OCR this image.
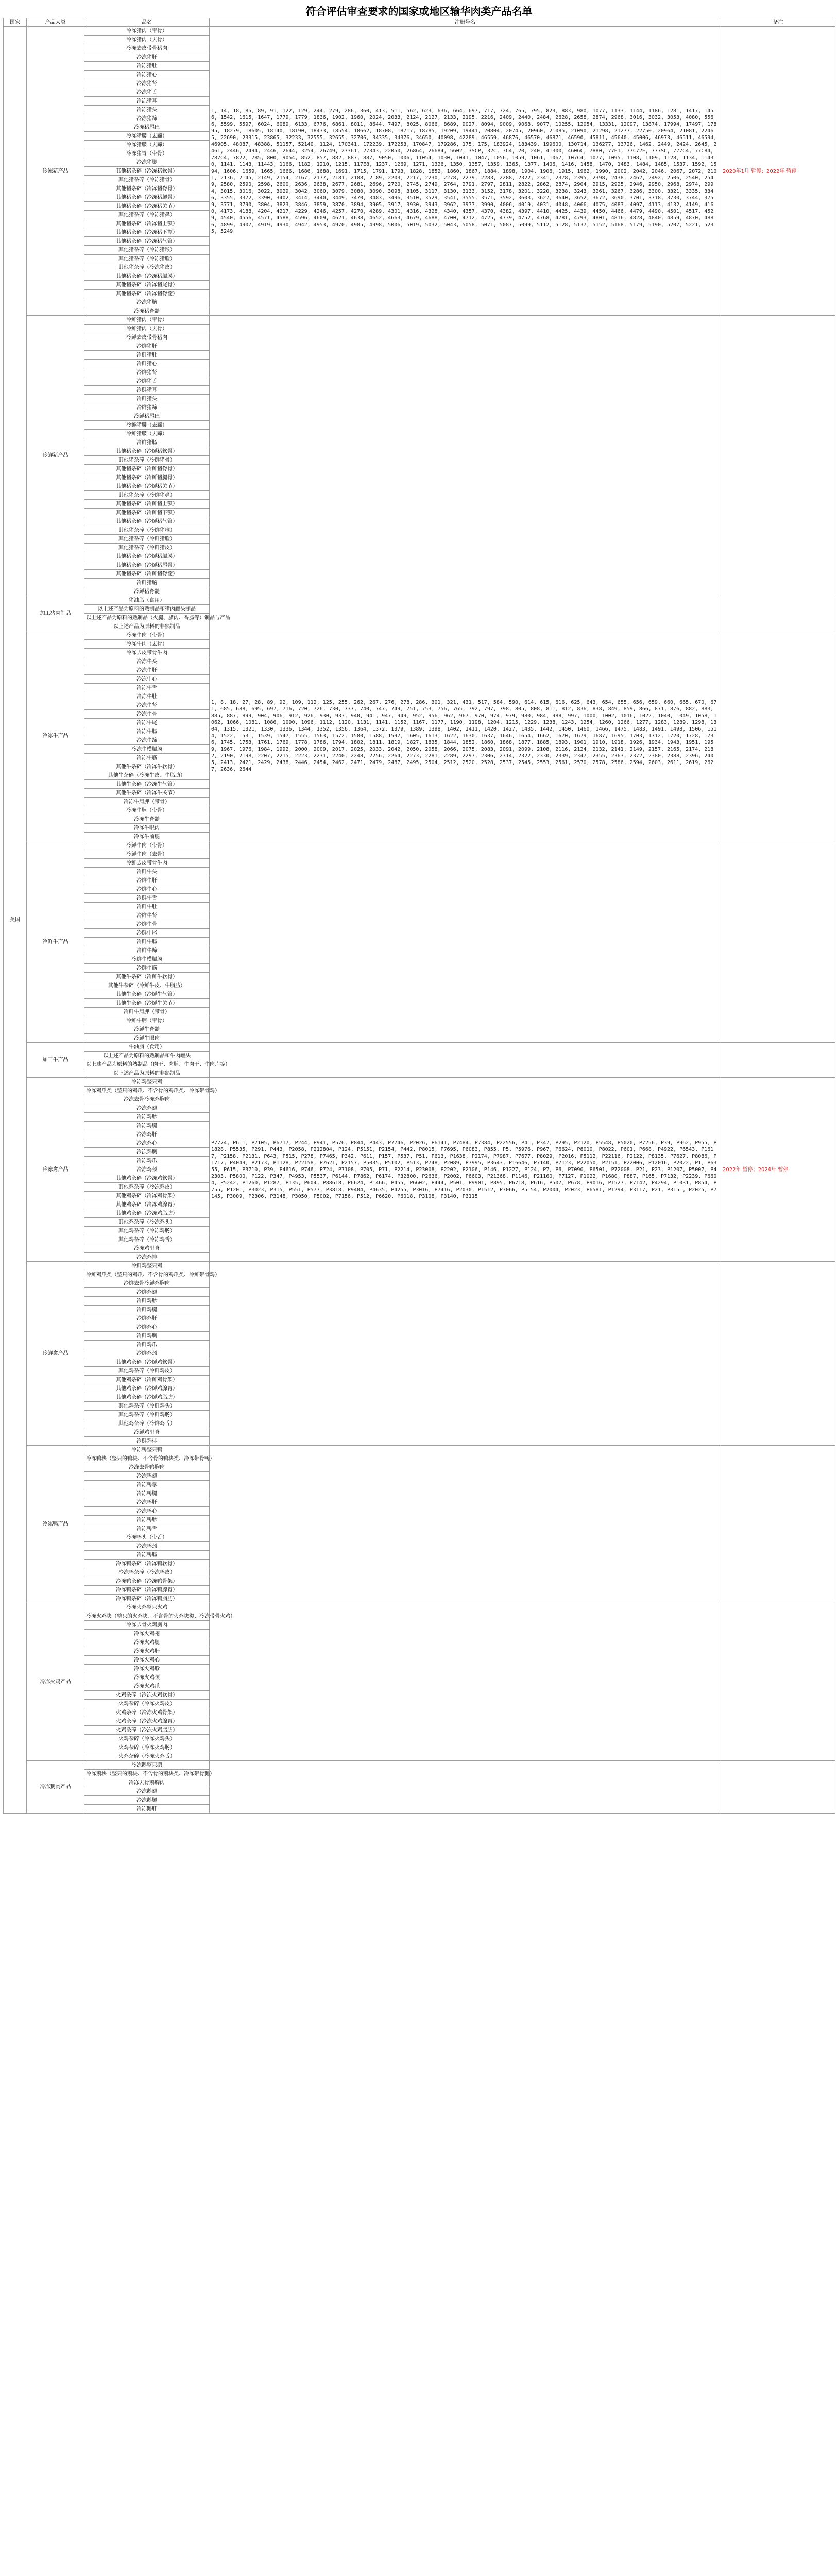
符合评估审查要求的国家或地区输华肉类产品名单
国家	产品大类	品名	注册号名	备注
美国	冷冻猪产品	冷冻猪肉（带骨）	1, 14, 18, 85, 89, 91, 122, 129, 244, 279, 286, 360, 413, 511, 562, 623, 636, 664, 697, 717, 724, 765, 795, 823, 883, 980, 1077, 1133, 1144, 1186, 1281, 1417, 1456, 1542, 1615, 1647, 1779, 1779, 1836, 1902, 1960, 2024, 2033, 2124, 2127, 2133, 2195, 2216, 2409, 2440, 2484, 2628, 2658, 2874, 2968, 3016, 3032, 3053, 4080, 5566, 5599, 5597, 6024, 6089, 6133, 6776, 6861, 8011, 8644, 7497, 8025, 8066, 8689, 9027, 8094, 9009, 9068, 9077, 10255, 12054, 13331, 12097, 13874, 17994, 17497, 17895, 18279, 18605, 18140, 18190, 18433, 18554, 18662, 18708, 18717, 18785, 19209, 19441, 20804, 20745, 20960, 21085, 21090, 21298, 21277, 22750, 20964, 21081, 22465, 22690, 23315, 23865, 32233, 32555, 32655, 32706, 34335, 34376, 34650, 40098, 42289, 46559, 46876, 46570, 46871, 46590, 45811, 45640, 45006, 46973, 46511, 46594, 46905, 48087, 48388, 51157, 52140, 1124, 170341, 172239, 172253, 170847, 179286, 175, 175, 183924, 183439, 199600, 130714, 136277, 13726, 1462, 2449, 2424, 2645, 2461, 2446, 2494, 2446, 2644, 3254, 26749, 27361, 27343, 22050, 26864, 26684, 5602, 3SCP, 32C, 3C4, 20, 240, 41300, 4606C, 7880, 77E1, 77C72E, 777SC, 777C4, 77C84, 787C4, 7822, 785, 800, 9054, 852, 857, 882, 887, 887, 9050, 1006, 11054, 1030, 1041, 1047, 1056, 1059, 1061, 1067, 107C4, 1077, 1095, 1108, 1109, 1128, 1134, 11430, 1141, 1143, 11443, 1166, 1182, 1210, 1215, 117E8, 1237, 1269, 1271, 1326, 1350, 1357, 1359, 1365, 1377, 1406, 1416, 1458, 1470, 1483, 1484, 1485, 1537, 1592, 1594, 1606, 1659, 1665, 1666, 1686, 1688, 1691, 1715, 1791, 1793, 1828, 1852, 1860, 1867, 1884, 1898, 1904, 1906, 1915, 1962, 1990, 2002, 2042, 2046, 2067, 2072, 2101, 2136, 2145, 2149, 2154, 2167, 2177, 2181, 2188, 2189, 2203, 2217, 2230, 2278, 2279, 2283, 2288, 2322, 2341, 2378, 2395, 2398, 2438, 2462, 2492, 2506, 2540, 2549, 2580, 2590, 2598, 2600, 2636, 2638, 2677, 2681, 2696, 2720, 2745, 2749, 2764, 2791, 2797, 2811, 2822, 2862, 2874, 2904, 2915, 2925, 2946, 2950, 2968, 2974, 2994, 3015, 3016, 3022, 3029, 3042, 3060, 3079, 3080, 3090, 3098, 3105, 3117, 3130, 3133, 3152, 3178, 3201, 3220, 3238, 3243, 3261, 3267, 3286, 3300, 3321, 3335, 3346, 3355, 3372, 3390, 3402, 3414, 3440, 3449, 3470, 3483, 3496, 3510, 3529, 3541, 3555, 3571, 3592, 3603, 3627, 3640, 3652, 3672, 3690, 3701, 3718, 3730, 3744, 3759, 3771, 3790, 3804, 3823, 3846, 3859, 3870, 3894, 3905, 3917, 3930, 3943, 3962, 3977, 3990, 4006, 4019, 4031, 4048, 4066, 4075, 4083, 4097, 4113, 4132, 4149, 4160, 4173, 4188, 4204, 4217, 4229, 4246, 4257, 4270, 4289, 4301, 4316, 4328, 4340, 4357, 4370, 4382, 4397, 4410, 4425, 4439, 4450, 4466, 4479, 4490, 4501, 4517, 4529, 4540, 4556, 4571, 4588, 4596, 4609, 4621, 4638, 4652, 4663, 4679, 4688, 4700, 4712, 4725, 4739, 4752, 4768, 4781, 4793, 4801, 4816, 4828, 4840, 4859, 4870, 4886, 4899, 4907, 4919, 4930, 4942, 4953, 4970, 4985, 4998, 5006, 5019, 5032, 5043, 5058, 5071, 5087, 5099, 5112, 5128, 5137, 5152, 5168, 5179, 5190, 5207, 5221, 5235, 5249	2020年1月 暂停；2022年 暂停
		冷冻猪肉（去骨）		
		冷冻去皮带骨猪肉		
		冷冻猪肝		
		冷冻猪肚		
		冷冻猪心		
		冷冻猪肾		
		冷冻猪舌		
		冷冻猪耳		
		冷冻猪头		
		冷冻猪蹄		
		冷冻猪尾巴		
		冷冻猪腰（去蹄）		
		冷冻猪腰（去蹄）		
		冷冻猪胃（带骨）		
		冷冻猪脚		
		其他猪杂碎（冷冻猪软骨）		
		其他猪杂碎（冷冻猪骨）		
		其他猪杂碎（冷冻猪脊骨）		
		其他猪杂碎（冷冻猪腿骨）		
		其他猪杂碎（冷冻猪关节）		
		其他猪杂碎（冷冻猪鼻）		
		其他猪杂碎（冷冻猪上颚）		
		其他猪杂碎（冷冻猪下颚）		
		其他猪杂碎（冷冻猪气管）		
		其他猪杂碎（冷冻猪喉）		
		其他猪杂碎（冷冻猪脸）		
		其他猪杂碎（冷冻猪皮）		
		其他猪杂碎（冷冻猪膈膜）		
		其他猪杂碎（冷冻猪尾骨）		
		其他猪杂碎（冷冻猪脊髓）		
		冷冻猪脑		
		冷冻猪脊髓		
	冷鲜猪产品	冷鲜猪肉（带骨）		
		冷鲜猪肉（去骨）		
		冷鲜去皮带骨猪肉		
		冷鲜猪肝		
		冷鲜猪肚		
		冷鲜猪心		
		冷鲜猪肾		
		冷鲜猪舌		
		冷鲜猪耳		
		冷鲜猪头		
		冷鲜猪蹄		
		冷鲜猪尾巴		
		冷鲜猪腰（去蹄）		
		冷鲜猪腰（去蹄）		
		冷鲜猪肠		
		其他猪杂碎（冷鲜猪软骨）		
		其他猪杂碎（冷鲜猪骨）		
		其他猪杂碎（冷鲜猪脊骨）		
		其他猪杂碎（冷鲜猪腿骨）		
		其他猪杂碎（冷鲜猪关节）		
		其他猪杂碎（冷鲜猪鼻）		
		其他猪杂碎（冷鲜猪上颚）		
		其他猪杂碎（冷鲜猪下颚）		
		其他猪杂碎（冷鲜猪气管）		
		其他猪杂碎（冷鲜猪喉）		
		其他猪杂碎（冷鲜猪脸）		
		其他猪杂碎（冷鲜猪皮）		
		其他猪杂碎（冷鲜猪膈膜）		
		其他猪杂碎（冷鲜猪尾骨）		
		其他猪杂碎（冷鲜猪脊髓）		
		冷鲜猪脑		
		冷鲜猪脊髓		
	加工猪肉制品	猪油脂（食用）		
		以上述产品为原料的熟制品和猪肉罐头制品		
		以上述产品为原料的熟制品（火腿、腊肉、香肠等）制品与产品		
		以上述产品为原料的非熟制品		
	冷冻牛产品	冷冻牛肉（带骨）	1, 8, 18, 27, 28, 89, 92, 109, 112, 125, 255, 262, 267, 276, 278, 286, 301, 321, 431, 517, 584, 590, 614, 615, 616, 625, 643, 654, 655, 656, 659, 660, 665, 670, 671, 685, 688, 695, 697, 716, 720, 726, 730, 737, 740, 747, 749, 751, 753, 756, 765, 792, 797, 798, 805, 808, 811, 812, 836, 838, 849, 859, 866, 871, 876, 882, 883, 885, 887, 899, 904, 906, 912, 926, 930, 933, 940, 941, 947, 949, 952, 956, 962, 967, 970, 974, 979, 980, 984, 988, 997, 1000, 1002, 1016, 1022, 1040, 1049, 1058, 1062, 1066, 1081, 1086, 1090, 1096, 1112, 1120, 1131, 1141, 1152, 1167, 1177, 1190, 1198, 1204, 1215, 1229, 1238, 1243, 1254, 1260, 1266, 1277, 1283, 1289, 1298, 1304, 1315, 1321, 1330, 1336, 1344, 1352, 1356, 1364, 1372, 1379, 1389, 1398, 1402, 1411, 1420, 1427, 1435, 1442, 1450, 1460, 1466, 1475, 1483, 1491, 1498, 1506, 1514, 1522, 1531, 1539, 1547, 1555, 1563, 1572, 1580, 1588, 1597, 1605, 1613, 1622, 1630, 1637, 1646, 1654, 1662, 1670, 1679, 1687, 1695, 1703, 1712, 1720, 1728, 1736, 1745, 1753, 1761, 1769, 1778, 1786, 1794, 1802, 1811, 1819, 1827, 1835, 1844, 1852, 1860, 1868, 1877, 1885, 1893, 1901, 1910, 1918, 1926, 1934, 1943, 1951, 1959, 1967, 1976, 1984, 1992, 2000, 2009, 2017, 2025, 2033, 2042, 2050, 2058, 2066, 2075, 2083, 2091, 2099, 2108, 2116, 2124, 2132, 2141, 2149, 2157, 2165, 2174, 2182, 2190, 2198, 2207, 2215, 2223, 2231, 2240, 2248, 2256, 2264, 2273, 2281, 2289, 2297, 2306, 2314, 2322, 2330, 2339, 2347, 2355, 2363, 2372, 2380, 2388, 2396, 2405, 2413, 2421, 2429, 2438, 2446, 2454, 2462, 2471, 2479, 2487, 2495, 2504, 2512, 2520, 2528, 2537, 2545, 2553, 2561, 2570, 2578, 2586, 2594, 2603, 2611, 2619, 2627, 2636, 2644	
		冷冻牛肉（去骨）		
		冷冻去皮带骨牛肉		
		冷冻牛头		
		冷冻牛肝		
		冷冻牛心		
		冷冻牛舌		
		冷冻牛肚		
		冷冻牛肾		
		冷冻牛骨		
		冷冻牛尾		
		冷冻牛肠		
		冷冻牛蹄		
		冷冻牛横膈膜		
		冷冻牛筋		
		其他牛杂碎（冷冻牛软骨）		
		其他牛杂碎（冷冻牛皮、牛脂肪）		
		其他牛杂碎（冷冻牛气管）		
		其他牛杂碎（冷冻牛关节）		
		冷冻牛肩胛（带骨）		
		冷冻牛腩（带骨）		
		冷冻牛脊髓		
		冷冻牛眼肉		
		冷冻牛前腿		
	冷鲜牛产品	冷鲜牛肉（带骨）		
		冷鲜牛肉（去骨）		
		冷鲜去皮带骨牛肉		
		冷鲜牛头		
		冷鲜牛肝		
		冷鲜牛心		
		冷鲜牛舌		
		冷鲜牛肚		
		冷鲜牛肾		
		冷鲜牛骨		
		冷鲜牛尾		
		冷鲜牛肠		
		冷鲜牛蹄		
		冷鲜牛横膈膜		
		冷鲜牛筋		
		其他牛杂碎（冷鲜牛软骨）		
		其他牛杂碎（冷鲜牛皮、牛脂肪）		
		其他牛杂碎（冷鲜牛气管）		
		其他牛杂碎（冷鲜牛关节）		
		冷鲜牛肩胛（带骨）		
		冷鲜牛腩（带骨）		
		冷鲜牛脊髓		
		冷鲜牛眼肉		
	加工牛产品	牛油脂（食用）		
		以上述产品为原料的熟制品和牛肉罐头		
		以上述产品为原料的熟制品（肉干、肉脯、牛肉干、牛肉片等）		
		以上述产品为原料的非熟制品		
	冷冻禽产品	冷冻鸡整只鸡	P7774, P611, P7105, P6717, P244, P941, P576, P844, P443, P7746, P2026, P6141, P7484, P7384, P22556, P41, P347, P295, P2120, P5548, P5020, P7256, P39, P962, P955, P1828, P5535, P291, P443, P2058, P212804, P124, P5151, P2154, P442, P8015, P7695, P6083, P855, P5, P5976, P967, P6624, P8010, P8022, P601, P668, P4922, P6543, P1617, P2158, P2131, P643, P515, P278, P7465, P342, P611, P157, P537, P51, P613, P1638, P2174, P7987, P7677, P8029, P2016, P5112, P22116, P2122, P8135, P7627, P8086, P1717, P4049, P2173, P1128, P22158, P7621, P2157, P5035, P5102, P513, P748, P2089, P7995, P3643, P16646, P7140, P7123, P22050, P2151, P22006, P12016, P2022, P1, P6355, P615, P3710, P39, P4616, P746, P724, P7108, P705, P71, P2214, P23008, P2202, P2106, P146, P1227, P124, P7, P6, P7090, P6501, P72008, P21, P23, P1207, P5007, P42303, P5800, P122, P347, P4953, P5537, P6144, P7862, P6174, P32800, P2636, P2002, P6603, P21368, P1146, P21160, P7127, P1022, P1680, P887, P165, P7132, P2239, P6604, P5242, P1260, P1287, P135, P604, P88618, P6624, P1466, P455, P6602, P444, P501, P9901, P895, P6718, P616, P507, P678, P9016, P1527, P7142, P4294, P1031, P854, P755, P1201, P3023, P315, P551, P577, P3818, P9404, P4635, P4255, P3016, P7416, P2030, P1512, P3066, P5154, P2004, P2023, P6581, P1294, P3117, P21, P3151, P2025, P7145, P3009, P2306, P3148, P3050, P5002, P7156, P512, P6620, P6018, P3108, P3140, P3115	2022年 暂停；2024年 暂停
		冷冻鸡爪类（整只的鸡爪、不含骨的鸡爪类、冷冻带骨鸡）		
		冷冻去骨冷冻鸡胸肉		
		冷冻鸡翅		
		冷冻鸡胗		
		冷冻鸡腿		
		冷冻鸡肝		
		冷冻鸡心		
		冷冻鸡胸		
		冷冻鸡爪		
		冷冻鸡颈		
		其他鸡杂碎（冷冻鸡软骨）		
		其他鸡杂碎（冷冻鸡皮）		
		其他鸡杂碎（冷冻鸡骨架）		
		其他鸡杂碎（冷冻鸡腺胃）		
		其他鸡杂碎（冷冻鸡脂肪）		
		其他鸡杂碎（冷冻鸡头）		
		其他鸡杂碎（冷冻鸡肠）		
		其他鸡杂碎（冷冻鸡舌）		
		冷冻鸡里脊		
		冷冻鸡排		
	冷鲜禽产品	冷鲜鸡整只鸡		
		冷鲜鸡爪类（整只的鸡爪、不含骨的鸡爪类、冷鲜带骨鸡）		
		冷鲜去骨冷鲜鸡胸肉		
		冷鲜鸡翅		
		冷鲜鸡胗		
		冷鲜鸡腿		
		冷鲜鸡肝		
		冷鲜鸡心		
		冷鲜鸡胸		
		冷鲜鸡爪		
		冷鲜鸡颈		
		其他鸡杂碎（冷鲜鸡软骨）		
		其他鸡杂碎（冷鲜鸡皮）		
		其他鸡杂碎（冷鲜鸡骨架）		
		其他鸡杂碎（冷鲜鸡腺胃）		
		其他鸡杂碎（冷鲜鸡脂肪）		
		其他鸡杂碎（冷鲜鸡头）		
		其他鸡杂碎（冷鲜鸡肠）		
		其他鸡杂碎（冷鲜鸡舌）		
		冷鲜鸡里脊		
		冷鲜鸡排		
	冷冻鸭产品	冷冻鸭整只鸭		
		冷冻鸭块（整只的鸭块、不含骨的鸭块类、冷冻带骨鸭）		
		冷冻去骨鸭胸肉		
		冷冻鸭翅		
		冷冻鸭掌		
		冷冻鸭腿		
		冷冻鸭肝		
		冷冻鸭心		
		冷冻鸭胗		
		冷冻鸭舌		
		冷冻鸭头（带舌）		
		冷冻鸭颈		
		冷冻鸭肠		
		冷冻鸭杂碎（冷冻鸭软骨）		
		冷冻鸭杂碎（冷冻鸭皮）		
		冷冻鸭杂碎（冷冻鸭骨架）		
		冷冻鸭杂碎（冷冻鸭腺胃）		
		冷冻鸭杂碎（冷冻鸭脂肪）		
	冷冻火鸡产品	冷冻火鸡整只火鸡		
		冷冻火鸡块（整只的火鸡块、不含骨的火鸡块类、冷冻带骨火鸡）		
		冷冻去骨火鸡胸肉		
		冷冻火鸡翅		
		冷冻火鸡腿		
		冷冻火鸡肝		
		冷冻火鸡心		
		冷冻火鸡胗		
		冷冻火鸡颈		
		冷冻火鸡爪		
		火鸡杂碎（冷冻火鸡软骨）		
		火鸡杂碎（冷冻火鸡皮）		
		火鸡杂碎（冷冻火鸡骨架）		
		火鸡杂碎（冷冻火鸡腺胃）		
		火鸡杂碎（冷冻火鸡脂肪）		
		火鸡杂碎（冷冻火鸡头）		
		火鸡杂碎（冷冻火鸡肠）		
		火鸡杂碎（冷冻火鸡舌）		
	冷冻鹅肉产品	冷冻鹅整只鹅		
		冷冻鹅块（整只的鹅块、不含骨的鹅块类、冷冻带骨鹅）		
		冷冻去骨鹅胸肉		
		冷冻鹅翅		
		冷冻鹅腿		
		冷冻鹅肝		
